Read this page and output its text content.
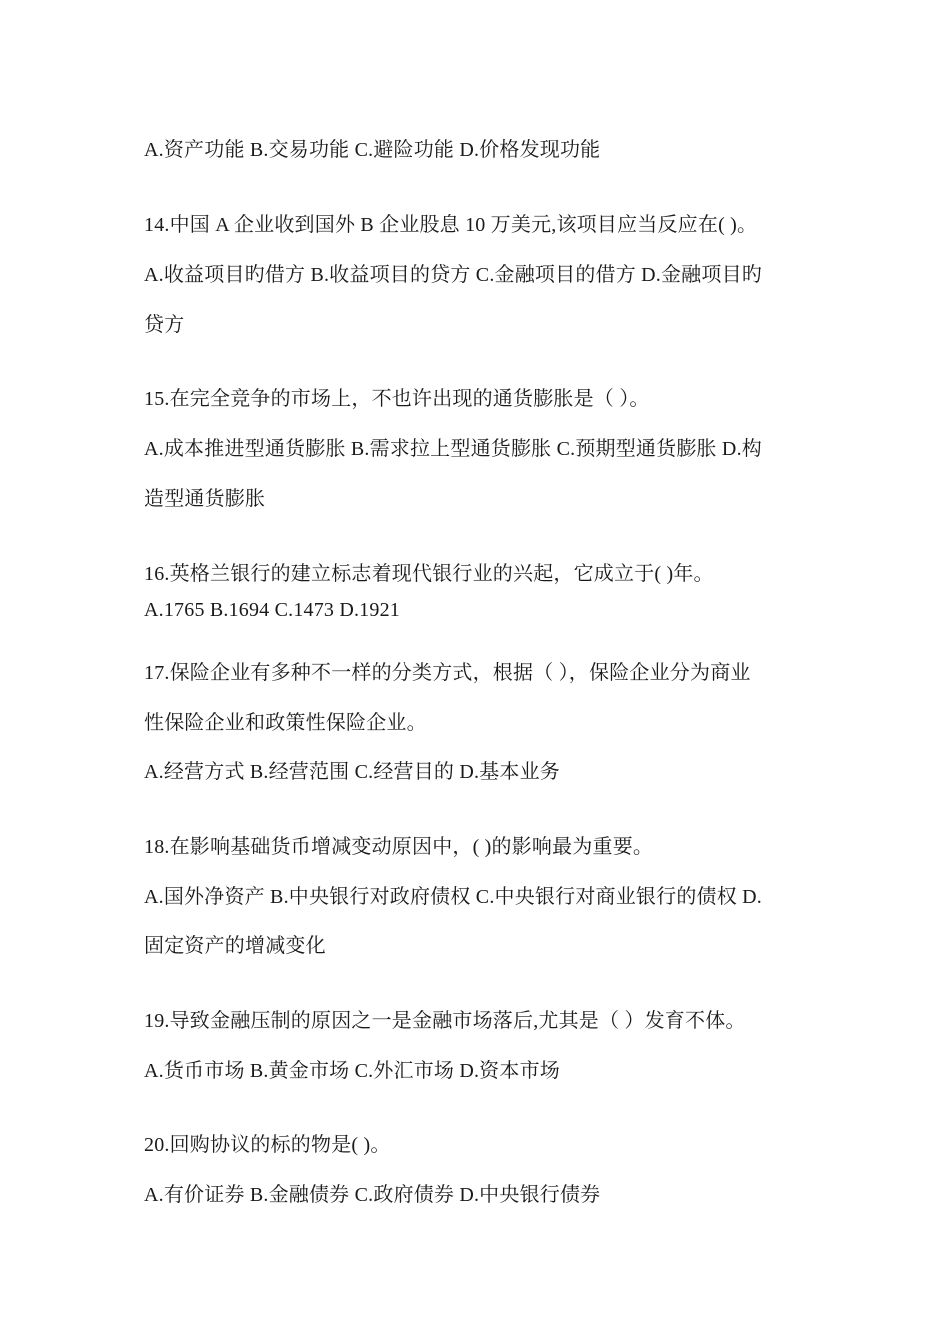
A.资产功能 B.交易功能 C.避险功能 D.价格发现功能
14.中国 A 企业收到国外 B 企业股息 10 万美元,该项目应当反应在( )。
A.收益项目旳借方 B.收益项目的贷方 C.金融项目的借方 D.金融项目旳
贷方
15.在完全竞争的市场上，不也许出现的通货膨胀是（ ）。
A.成本推进型通货膨胀 B.需求拉上型通货膨胀 C.预期型通货膨胀 D.构
造型通货膨胀
16.英格兰银行的建立标志着现代银行业的兴起，它成立于( )年。
A.1765 B.1694 C.1473 D.1921
17.保险企业有多种不一样的分类方式，根据（ ），保险企业分为商业
性保险企业和政策性保险企业。
A.经营方式 B.经营范围 C.经营目的 D.基本业务
18.在影响基础货币增减变动原因中，( )的影响最为重要。
A.国外净资产 B.中央银行对政府债权 C.中央银行对商业银行的债权 D.
固定资产的增减变化
19.导致金融压制的原因之一是金融市场落后,尤其是（ ）发育不体。
A.货币市场 B.黄金市场 C.外汇市场 D.资本市场
20.回购协议的标的物是( )。
A.有价证券 B.金融债券 C.政府债券 D.中央银行债券
